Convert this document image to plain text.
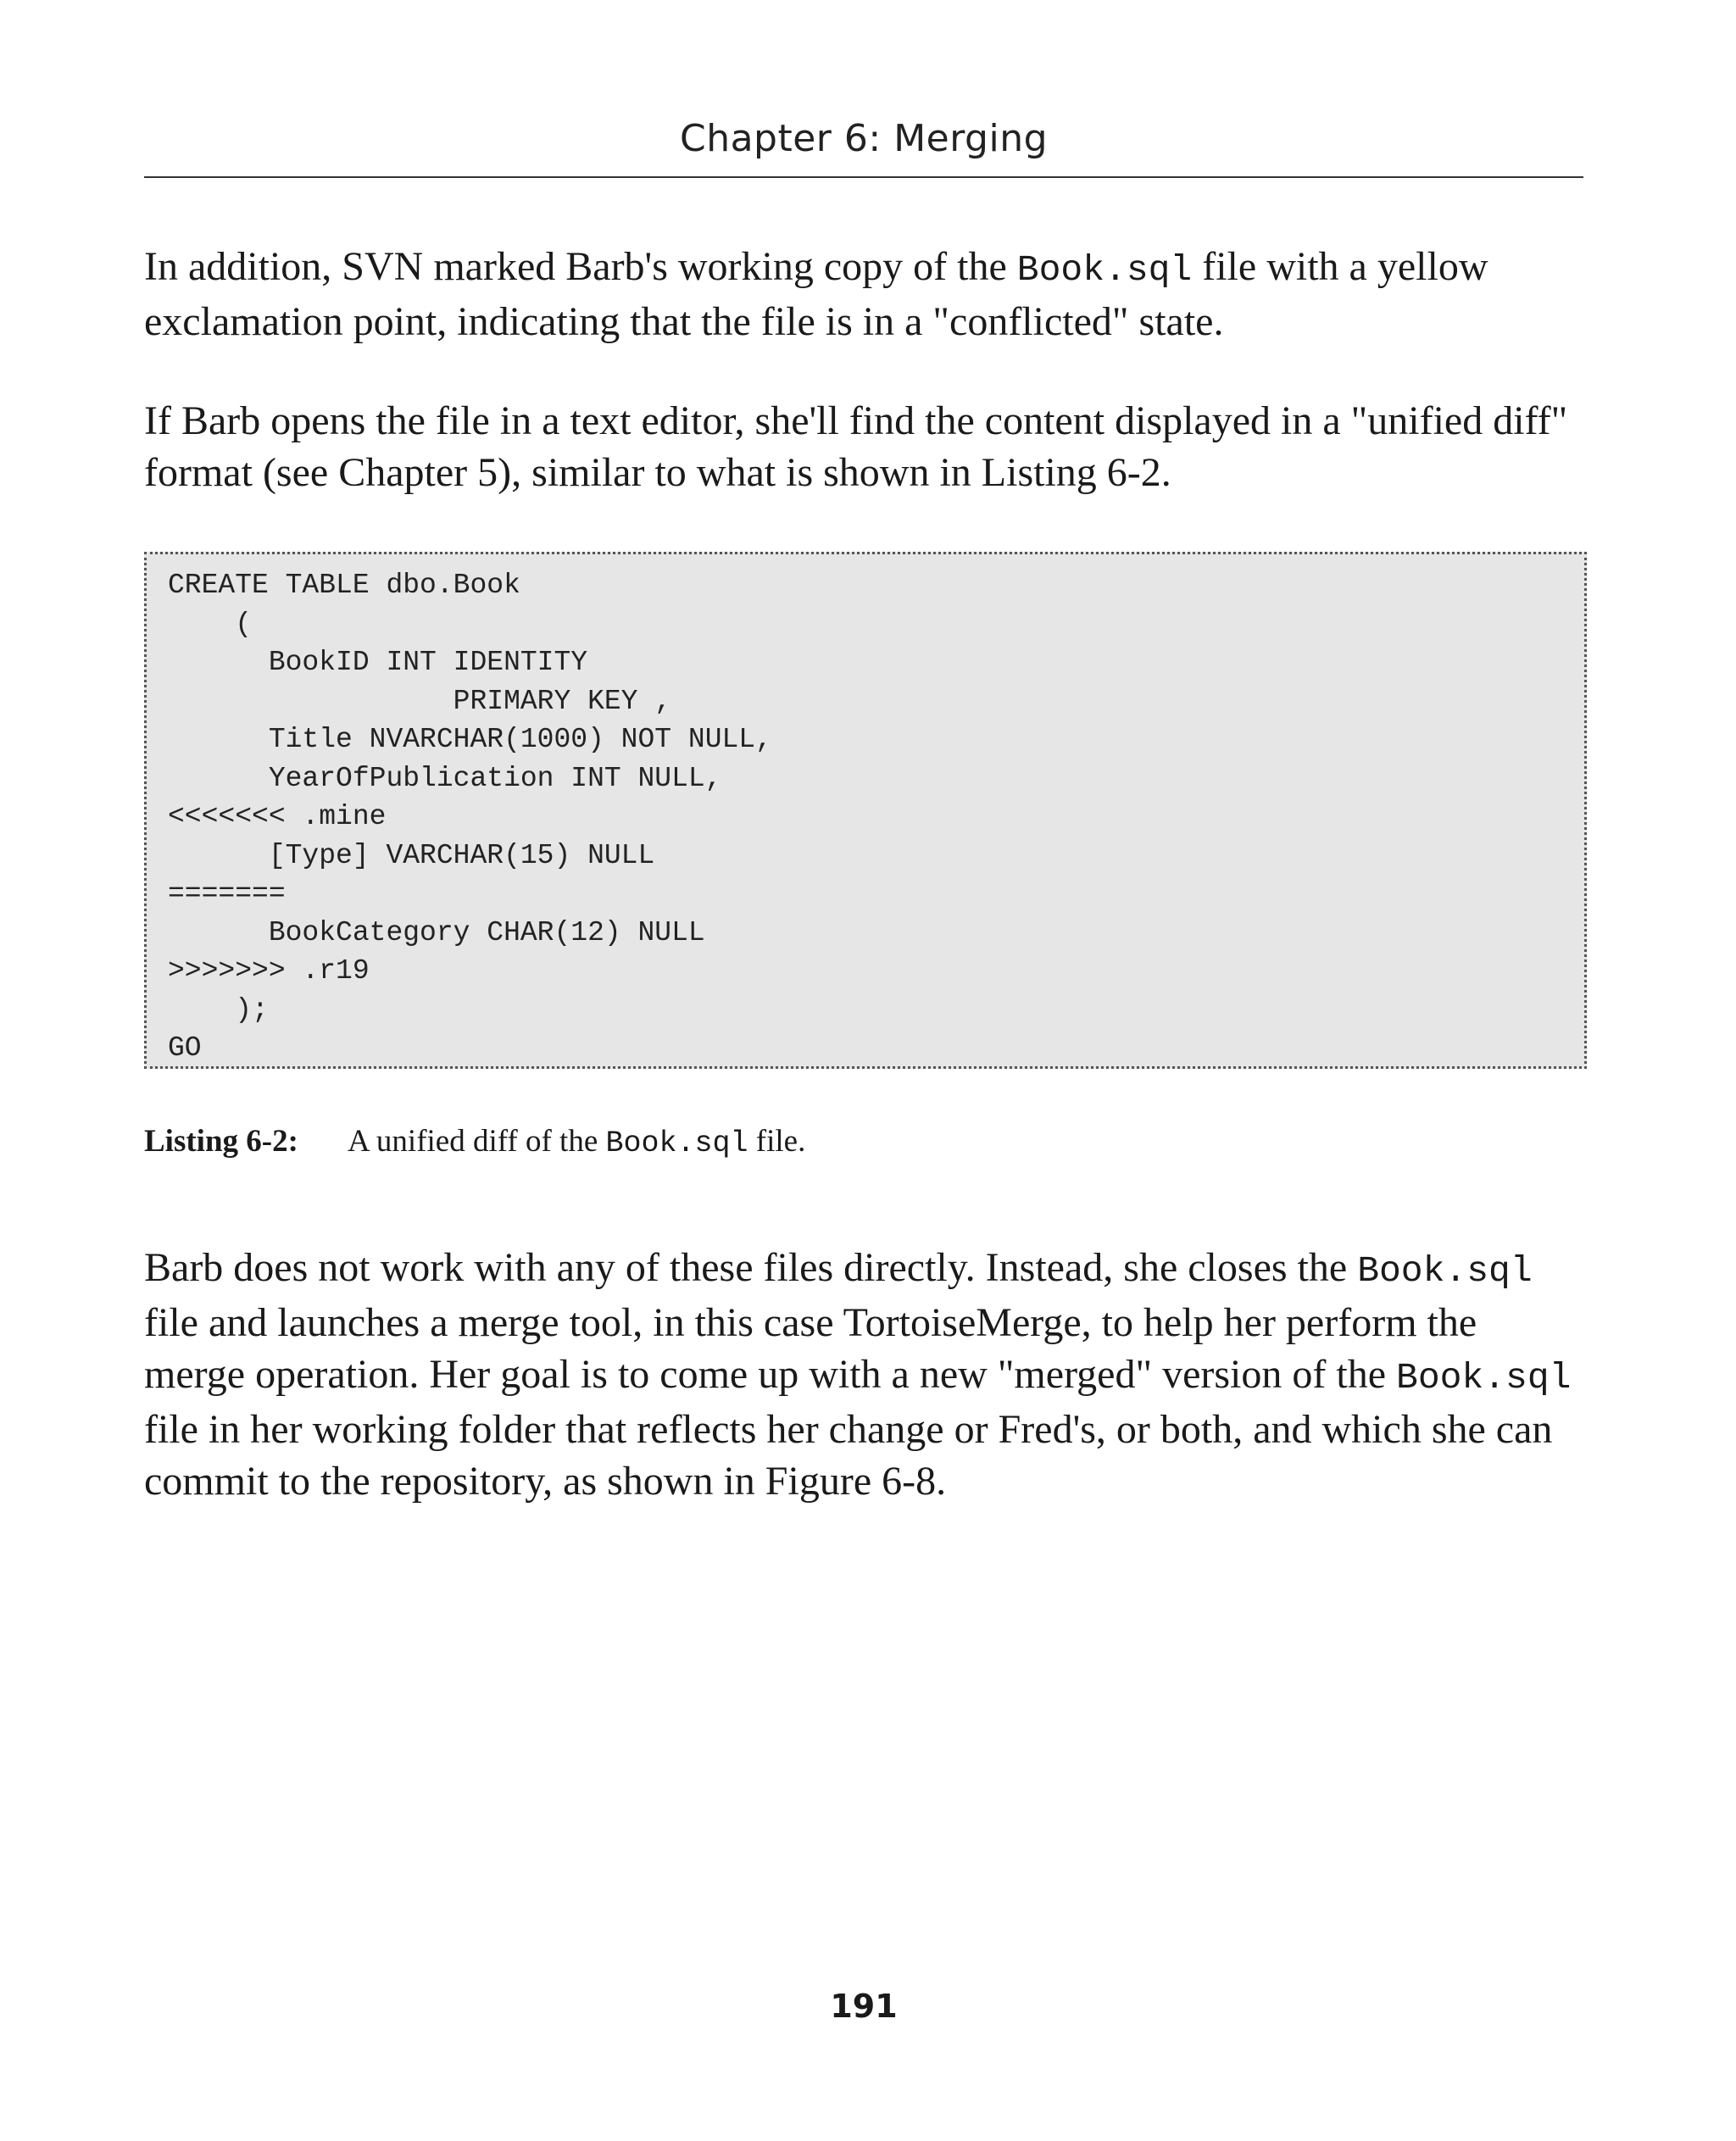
Chapter 6: Merging

In addition, SVN marked Barb's working copy of the Book.sql file with a yellow exclamation point, indicating that the file is in a "conflicted" state.

If Barb opens the file in a text editor, she'll find the content displayed in a "unified diff" format (see Chapter 5), similar to what is shown in Listing 6-2.

CREATE TABLE dbo.Book
(
BookID INT IDENTITY
PRIMARY KEY ,
Title NVARCHAR(1000) NOT NULL,
YearOfPublication INT NULL,
<<<<<<< .mine
[Type] VARCHAR(15) NULL
=======
BookCategory CHAR(12) NULL
>>>>>>> .r19
);
GO
Listing 6-2: A unified diff of the Book.sql file.

Barb does not work with any of these files directly. Instead, she closes the Book.sql file and launches a merge tool, in this case TortoiseMerge, to help her perform the merge operation. Her goal is to come up with a new "merged" version of the Book.sql file in her working folder that reflects her change or Fred's, or both, and which she can commit to the repository, as shown in Figure 6-8.

191
